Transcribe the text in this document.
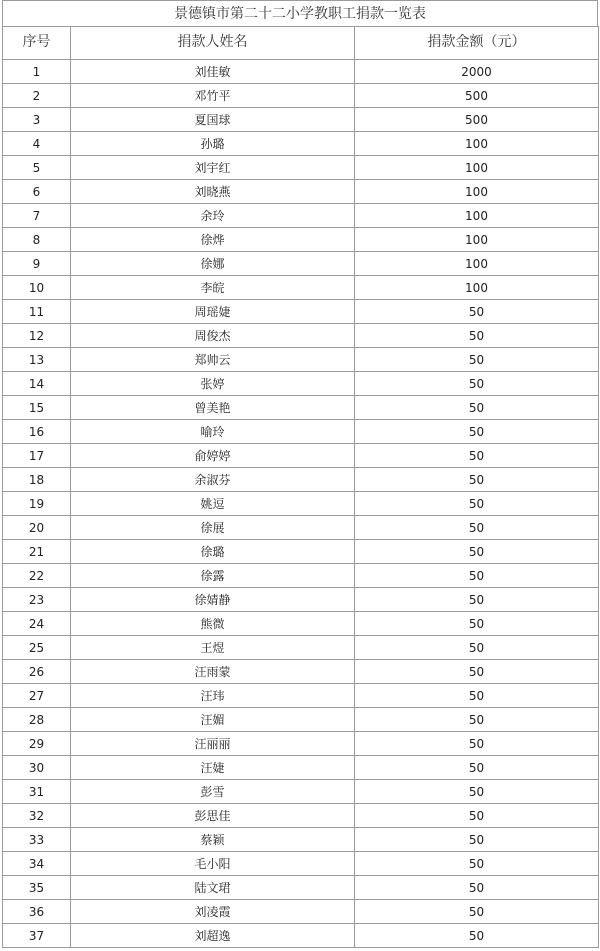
景德镇市第二十二小学教职工捐款一览表
序号	捐款人姓名	捐款金额（元）
1	刘佳敏	2000
2	邓竹平	500
3	夏国球	500
4	孙璐	100
5	刘宇红	100
6	刘晓燕	100
7	余玲	100
8	徐烨	100
9	徐娜	100
10	李皖	100
11	周瑶婕	50
12	周俊杰	50
13	郑帅云	50
14	张婷	50
15	曾美艳	50
16	喻玲	50
17	俞婷婷	50
18	余淑芬	50
19	姚逗	50
20	徐展	50
21	徐璐	50
22	徐露	50
23	徐婧静	50
24	熊微	50
25	王煜	50
26	汪雨蒙	50
27	汪玮	50
28	汪媚	50
29	汪丽丽	50
30	汪婕	50
31	彭雪	50
32	彭思佳	50
33	蔡颖	50
34	毛小阳	50
35	陆文珺	50
36	刘凌霞	50
37	刘超逸	50
